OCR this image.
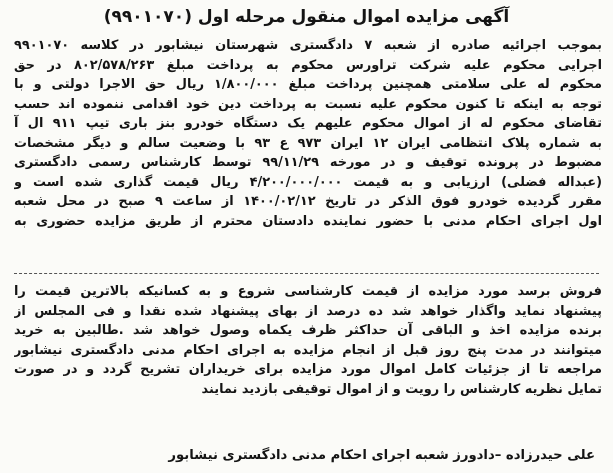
آگهی مزایده اموال منقول مرحله اول (۹۹۰۱۰۷۰)
بموجب اجرائیه صادره از شعبه ۷ دادگستری شهرستان نیشابور در کلاسه ۹۹۰۱۰۷۰
اجرایی محکوم علیه شرکت تراورس محکوم به پرداخت مبلغ ۸۰۲/۵۷۸/۲۶۳ در حق
محکوم له علی سلامتی همچنین پرداخت مبلغ ۱/۸۰۰/۰۰۰ ریال حق الاجرا دولتی و با
توجه به اینکه تا کنون محکوم علیه نسبت به پرداخت دین خود اقدامی ننموده اند حسب
تقاضای محکوم له از اموال محکوم علیهم یک دستگاه خودرو بنز باری تیپ ۹۱۱ ال آ
به شماره پلاک انتظامی ایران ۱۲ ایران ۹۷۳ ع ۹۳ با وضعیت سالم و دیگر مشخصات
مضبوط در پرونده توقیف و در مورخه ۹۹/۱۱/۲۹ توسط کارشناس رسمی دادگستری
(عبداله فضلی) ارزیابی و به قیمت ۴/۲۰۰/۰۰۰/۰۰۰ ریال قیمت گذاری شده است و
مقرر گردیده خودرو فوق الذکر در تاریخ ۱۴۰۰/۰۲/۱۲ از ساعت ۹ صبح در محل شعبه
اول اجرای احکام مدنی با حضور نماینده دادستان محترم از طریق مزایده حضوری به
فروش برسد مورد مزایده از قیمت کارشناسی شروع و به کسانیکه بالاترین قیمت را
پیشنهاد نماید واگذار خواهد شد ده درصد از بهای پیشنهاد شده نقدا و فی المجلس از
برنده مزایده اخذ و الباقی آن حداکثر ظرف یکماه وصول خواهد شد .طالبین به خرید
میتوانند در مدت پنج روز قبل از انجام مزایده به اجرای احکام مدنی دادگستری نیشابور
مراجعه تا از جزئیات کامل اموال مورد مزایده برای خریداران تشریح گردد و در صورت
تمایل نظریه کارشناس را رویت و از اموال توقیفی بازدید نمایند
علی حیدرزاده –دادورز شعبه اجرای احکام مدنی دادگستری نیشابور
